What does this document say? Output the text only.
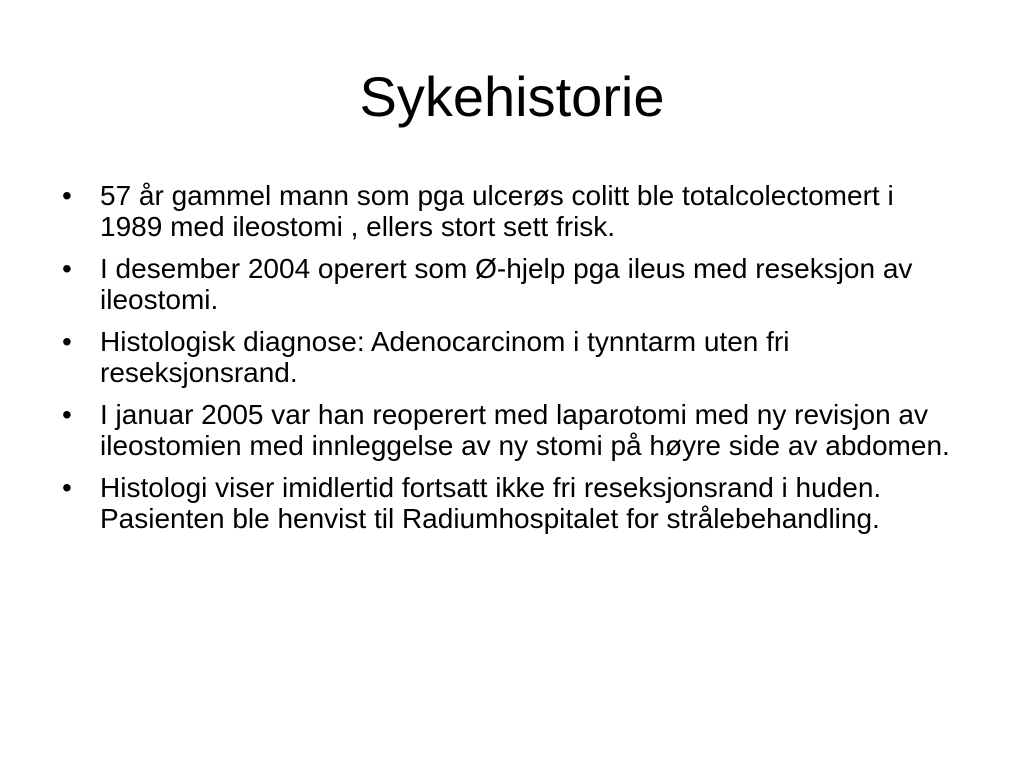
Sykehistorie
•	57 år gammel mann som pga ulcerøs colitt ble totalcolectomert i 1989 med ileostomi , ellers stort sett frisk.
•	I desember 2004 operert som Ø-hjelp pga ileus med reseksjon av ileostomi.
•	Histologisk diagnose: Adenocarcinom i tynntarm uten fri reseksjonsrand.
•	I januar 2005 var han reoperert med laparotomi med ny revisjon av ileostomien med innleggelse av ny stomi på høyre side av abdomen.
•	Histologi viser imidlertid fortsatt ikke fri reseksjonsrand i huden. Pasienten ble henvist til Radiumhospitalet for strålebehandling.
